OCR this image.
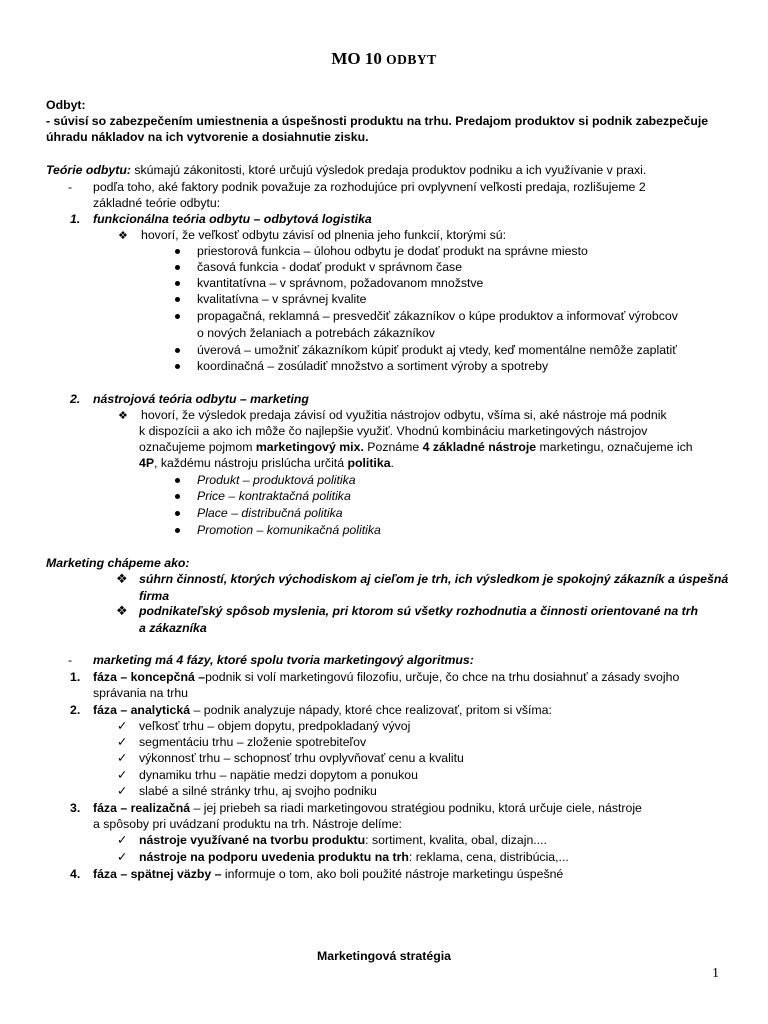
MO 10 ODBYT
Odbyt:
- súvisí so zabezpečením umiestnenia a úspešnosti produktu na trhu. Predajom produktov si podnik zabezpečuje
úhradu nákladov na ich vytvorenie a dosiahnutie zisku.
Teórie odbytu: skúmajú zákonitosti, ktoré určujú výsledok predaja produktov podniku a ich využívanie v praxi.
- podľa toho, aké faktory podnik považuje za rozhodujúce pri ovplyvnení veľkosti predaja, rozlišujeme 2
základné teórie odbytu:
1. funkcionálna teória odbytu – odbytová logistika
❖ hovorí, že veľkosť odbytu závisí od plnenia jeho funkcií, ktorými sú:
priestorová funkcia – úlohou odbytu je dodať produkt na správne miesto
časová funkcia - dodať produkt v správnom čase
kvantitatívna – v správnom, požadovanom množstve
kvalitatívna – v správnej kvalite
propagačná, reklamná – presvedčiť zákazníkov o kúpe produktov a informovať výrobcov
o nových želaniach a potrebách zákazníkov
úverová – umožniť zákazníkom kúpiť produkt aj vtedy, keď momentálne nemôže zaplatiť
koordinačná – zosúladiť množstvo a sortiment výroby a spotreby
2. nástrojová teória odbytu – marketing
❖ hovorí, že výsledok predaja závisí od využitia nástrojov odbytu, všíma si, aké nástroje má podnik
k dispozícii a ako ich môže čo najlepšie využiť. Vhodnú kombináciu marketingových nástrojov
označujeme pojmom marketingový mix. Poznáme 4 základné nástroje marketingu, označujeme ich
4P, každému nástroju prislúcha určitá politika.
Produkt – produktová politika
Price – kontraktačná politika
Place – distribučná politika
Promotion – komunikačná politika
Marketing chápeme ako:
❖ súhrn činností, ktorých východiskom aj cieľom je trh, ich výsledkom je spokojný zákazník a úspešná
firma
❖ podnikateľský spôsob myslenia, pri ktorom sú všetky rozhodnutia a činnosti orientované na trh
a zákazníka
- marketing má 4 fázy, ktoré spolu tvoria marketingový algoritmus:
1. fáza – koncepčná –podnik si volí marketingovú filozofiu, určuje, čo chce na trhu dosiahnuť a zásady svojho
správania na trhu
2. fáza – analytická – podnik analyzuje nápady, ktoré chce realizovať, pritom si všíma:
✓ veľkosť trhu – objem dopytu, predpokladaný vývoj
✓ segmentáciu trhu – zloženie spotrebiteľov
✓ výkonnosť trhu – schopnosť trhu ovplyvňovať cenu a kvalitu
✓ dynamiku trhu – napätie medzi dopytom a ponukou
✓ slabé a silné stránky trhu, aj svojho podniku
3. fáza – realizačná – jej priebeh sa riadi marketingovou stratégiou podniku, ktorá určuje ciele, nástroje
a spôsoby pri uvádzaní produktu na trh. Nástroje delíme:
✓ nástroje využívané na tvorbu produktu: sortiment, kvalita, obal, dizajn....
✓ nástroje na podporu uvedenia produktu na trh: reklama, cena, distribúcia,...
4. fáza – spätnej väzby – informuje o tom, ako boli použité nástroje marketingu úspešné
Marketingová stratégia
1
